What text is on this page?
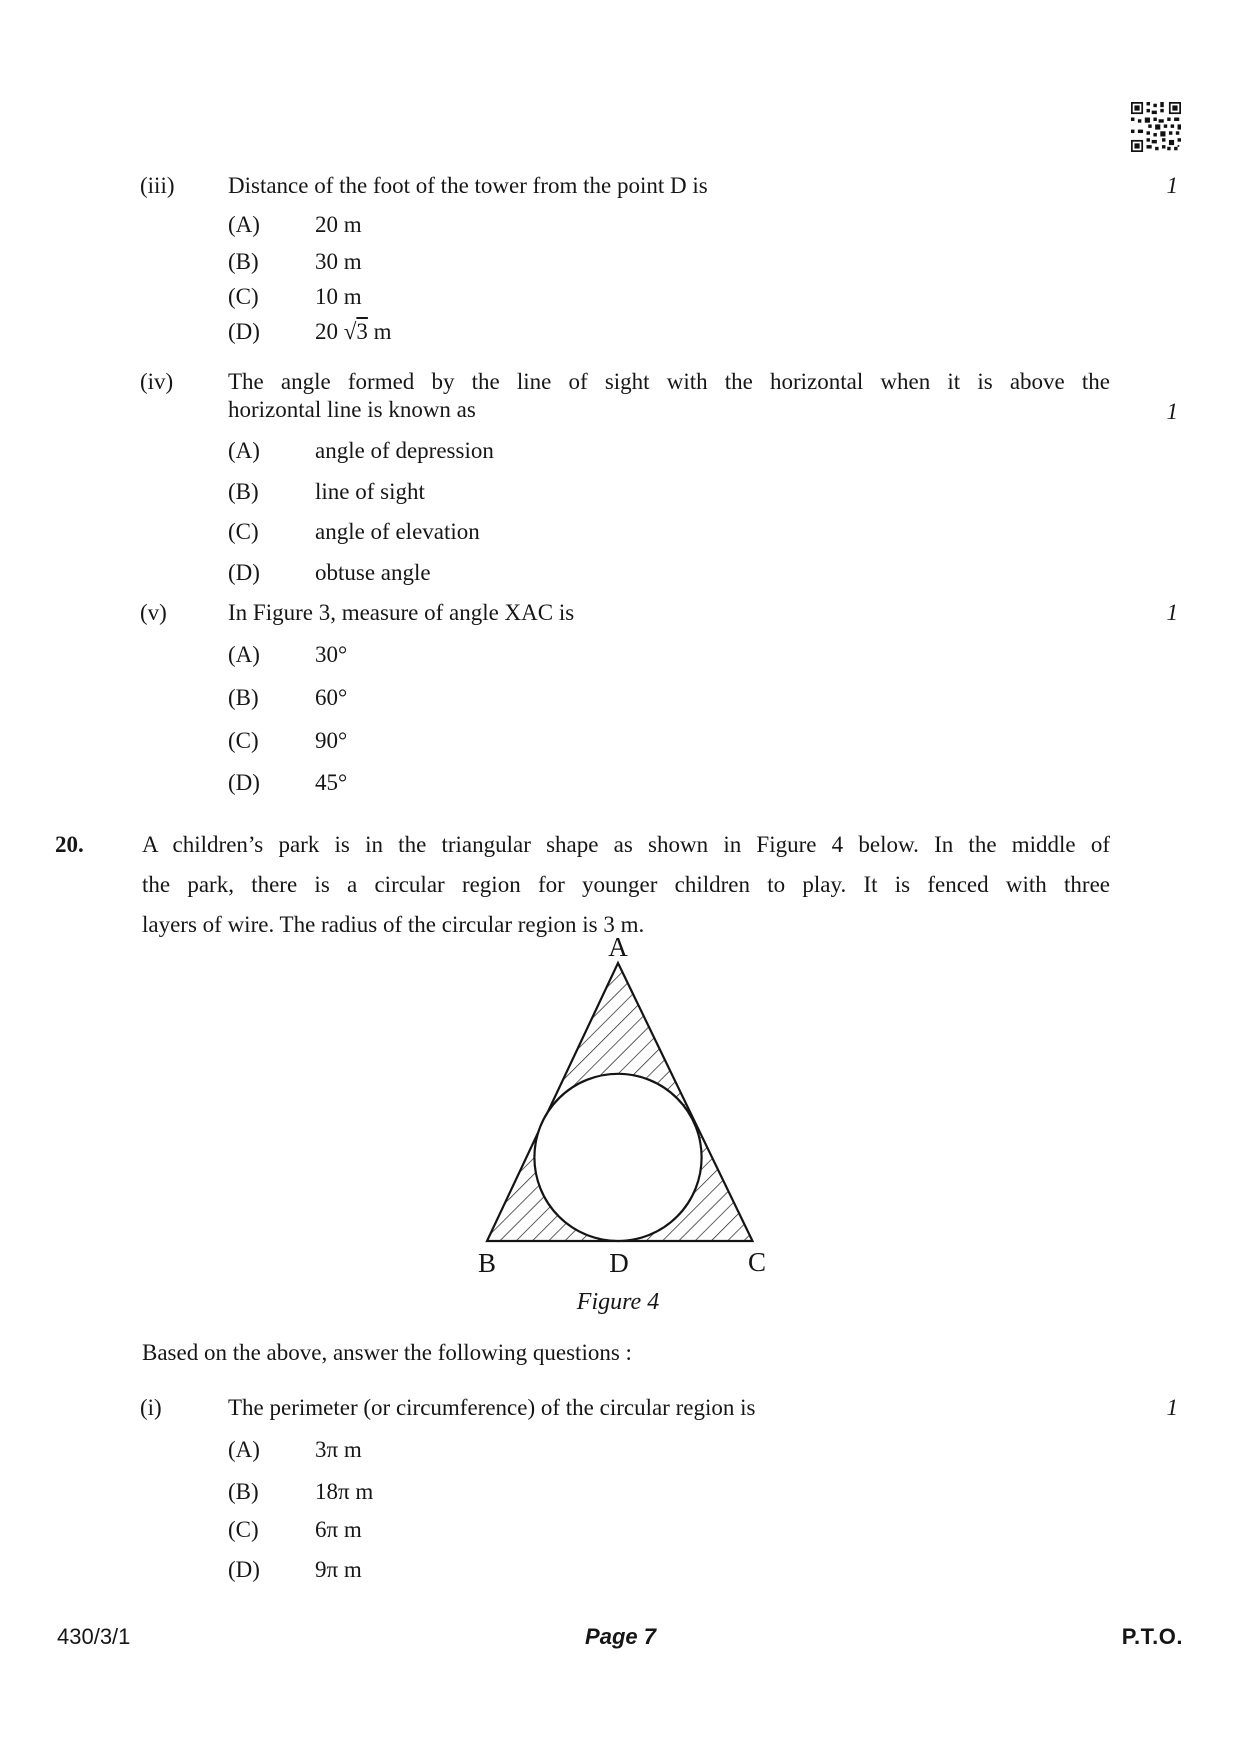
(iii) Distance of the foot of the tower from the point D is	1
(A) 20 m
(B) 30 m
(C) 10 m
(D) 20 √3 m
(iv) The angle formed by the line of sight with the horizontal when it is above the
horizontal line is known as	1
(A) angle of depression
(B) line of sight
(C) angle of elevation
(D) obtuse angle
(v)	In Figure 3, measure of angle XAC is	1
(A) 30°
(B) 60°
(C) 90°
(D) 45°
20.	A children’s park is in the triangular shape as shown in Figure 4 below. In the middle of
the park, there is a circular region for younger children to play. It is fenced with three
layers of wire. The radius of the circular region is 3 m.
A
B	D	C
Figure 4
Based on the above, answer the following questions :
(i)	The perimeter (or circumference) of the circular region is	1
(A) 3π m
(B) 18π m
(C) 6π m
(D) 9π m
430/3/1	Page 7	P.T.O.
